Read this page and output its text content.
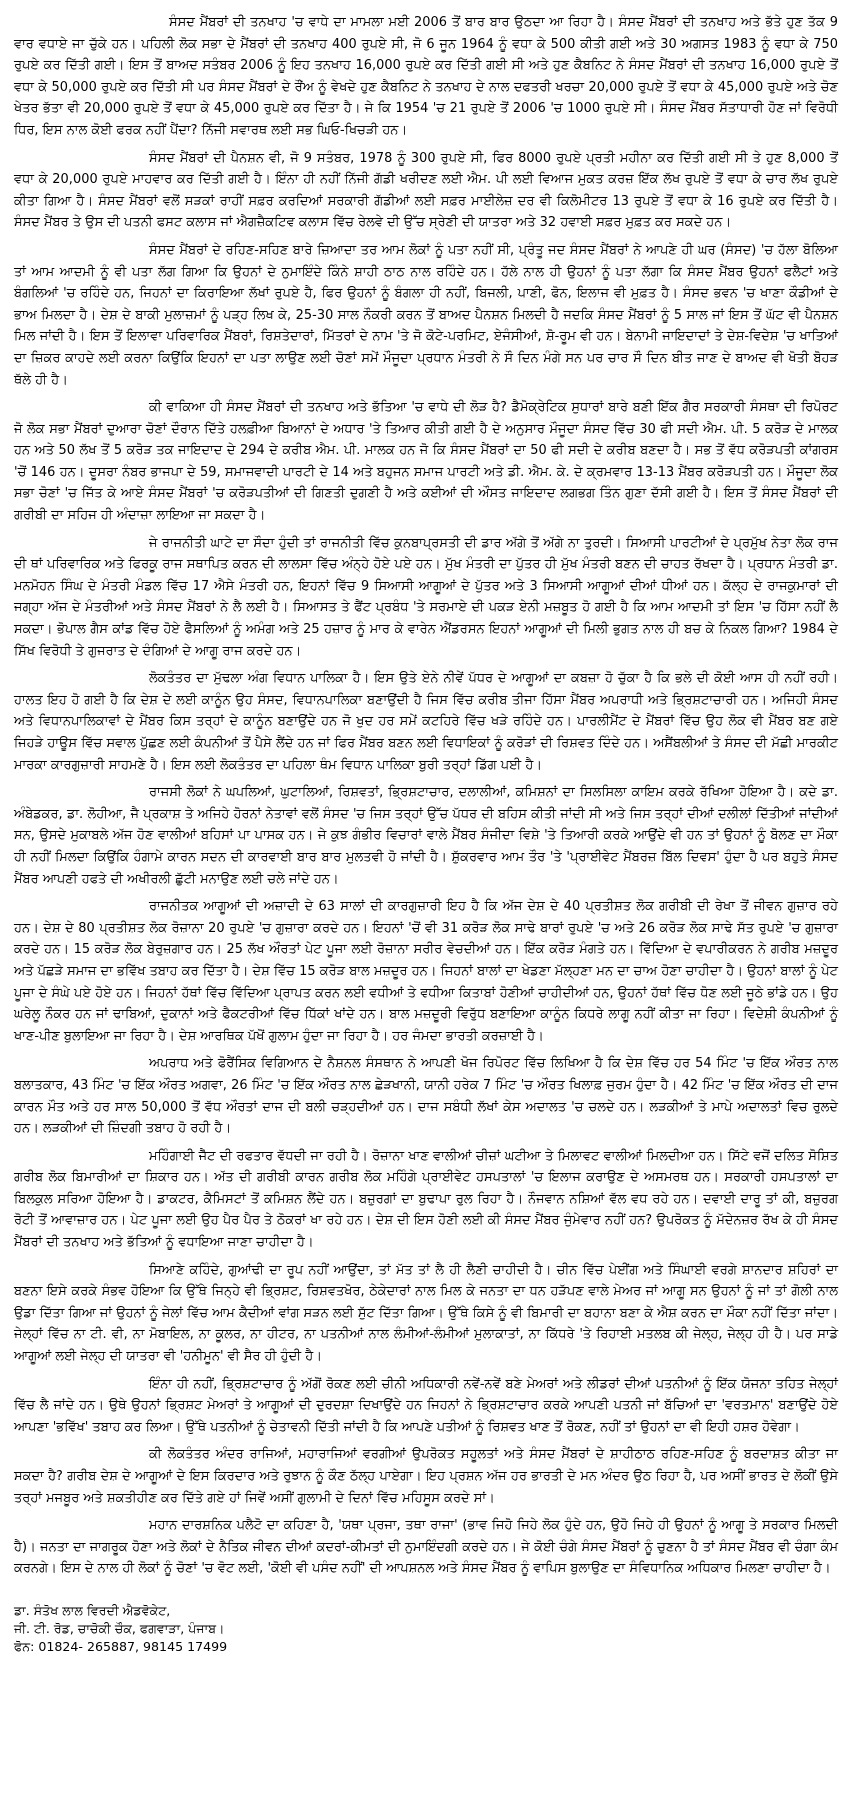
ਸੰਸਦ ਮੈਂਬਰਾਂ ਦੀ ਤਨਖਾਹ 'ਚ ਵਾਧੇ ਦਾ ਮਾਮਲਾ ਮਈ 2006 ਤੋਂ ਬਾਰ ਬਾਰ ਉਠਦਾ ਆ ਰਿਹਾ ਹੈ। ਸੰਸਦ ਮੈਂਬਰਾਂ ਦੀ ਤਨਖਾਹ ਅਤੇ ਭੱਤੇ ਹੁਣ ਤੱਕ 9 ਵਾਰ ਵਧਾਏ ਜਾ ਚੁੱਕੇ ਹਨ। ਪਹਿਲੀ ਲੋਕ ਸਭਾ ਦੇ ਮੈਂਬਰਾਂ ਦੀ ਤਨਖਾਹ 400 ਰੁਪਏ ਸੀ, ਜੋ 6 ਜੂਨ 1964 ਨੂੰ ਵਧਾ ਕੇ 500 ਕੀਤੀ ਗਈ ਅਤੇ 30 ਅਗਸਤ 1983 ਨੂੰ ਵਧਾ ਕੇ 750 ਰੁਪਏ ਕਰ ਦਿੱਤੀ ਗਈ। ਇਸ ਤੋਂ ਬਾਅਦ ਸਤੰਬਰ 2006 ਨੂੰ ਇਹ ਤਨਖਾਹ 16,000 ਰੁਪਏ ਕਰ ਦਿੱਤੀ ਗਈ ਸੀ ਅਤੇ ਹੁਣ ਕੈਬਨਿਟ ਨੇ ਸੰਸਦ ਮੈਂਬਰਾਂ ਦੀ ਤਨਖਾਹ 16,000 ਰੁਪਏ ਤੋਂ ਵਧਾ ਕੇ 50,000 ਰੁਪਏ ਕਰ ਦਿੱਤੀ ਸੀ ਪਰ ਸੰਸਦ ਮੈਂਬਰਾਂ ਦੇ ਰੌਂਅ ਨੂੰ ਵੇਖਦੇ ਹੁਣ ਕੈਬਨਿਟ ਨੇ ਤਨਖਾਹ ਦੇ ਨਾਲ ਦਫਤਰੀ ਖਰਚਾ 20,000 ਰੁਪਏ ਤੋਂ ਵਧਾ ਕੇ 45,000 ਰੁਪਏ ਅਤੇ ਚੋਣ ਖੇਤਰ ਭੱਤਾ ਵੀ 20,000 ਰੁਪਏ ਤੋਂ ਵਧਾ ਕੇ 45,000 ਰੁਪਏ ਕਰ ਦਿੱਤਾ ਹੈ। ਜੇ ਕਿ 1954 'ਚ 21 ਰੁਪਏ ਤੋਂ 2006 'ਚ 1000 ਰੁਪਏ ਸੀ। ਸੰਸਦ ਮੈਂਬਰ ਸੱਤਾਧਾਰੀ ਹੋਣ ਜਾਂ ਵਿਰੋਧੀ ਧਿਰ, ਇਸ ਨਾਲ ਕੋਈ ਫਰਕ ਨਹੀਂ ਪੈਂਦਾ? ਨਿੱਜੀ ਸਵਾਰਥ ਲਈ ਸਭ ਘਿਓ-ਖਿਚੜੀ ਹਨ।

ਸੰਸਦ ਮੈਂਬਰਾਂ ਦੀ ਪੈਨਸ਼ਨ ਵੀ, ਜੋ 9 ਸਤੰਬਰ, 1978 ਨੂੰ 300 ਰੁਪਏ ਸੀ, ਫਿਰ 8000 ਰੁਪਏ ਪ੍ਰਤੀ ਮਹੀਨਾ ਕਰ ਦਿੱਤੀ ਗਈ ਸੀ ਤੇ ਹੁਣ 8,000 ਤੋਂ ਵਧਾ ਕੇ 20,000 ਰੁਪਏ ਮਾਹਵਾਰ ਕਰ ਦਿੱਤੀ ਗਈ ਹੈ। ਇੰਨਾ ਹੀ ਨਹੀਂ ਨਿੱਜੀ ਗੱਡੀ ਖਰੀਦਣ ਲਈ ਐਮ. ਪੀ ਲਈ ਵਿਆਜ ਮੁਕਤ ਕਰਜ਼ ਇੱਕ ਲੱਖ ਰੁਪਏ ਤੋਂ ਵਧਾ ਕੇ ਚਾਰ ਲੱਖ ਰੁਪਏ ਕੀਤਾ ਗਿਆ ਹੈ। ਸੰਸਦ ਮੈਂਬਰਾਂ ਵਲੋਂ ਸੜਕਾਂ ਰਾਹੀਂ ਸਫ਼ਰ ਕਰਦਿਆਂ ਸਰਕਾਰੀ ਗੱਡੀਆਂ ਲਈ ਸਫ਼ਰ ਮਾਈਲੇਜ਼ ਦਰ ਵੀ ਕਿਲੋਮੀਟਰ 13 ਰੁਪਏ ਤੋਂ ਵਧਾ ਕੇ 16 ਰੁਪਏ ਕਰ ਦਿੱਤੀ ਹੈ। ਸੰਸਦ ਮੈਂਬਰ ਤੇ ਉਸ ਦੀ ਪਤਨੀ ਫਸਟ ਕਲਾਸ ਜਾਂ ਐਗਜ਼ੈਕਟਿਵ ਕਲਾਸ ਵਿੱਚ ਰੇਲਵੇ ਦੀ ਉੱਚ ਸ੍ਰੇਣੀ ਦੀ ਯਾਤਰਾ ਅਤੇ 32 ਹਵਾਈ ਸਫ਼ਰ ਮੁਫ਼ਤ ਕਰ ਸਕਦੇ ਹਨ।

ਸੰਸਦ ਮੈਂਬਰਾਂ ਦੇ ਰਹਿਣ-ਸਹਿਣ ਬਾਰੇ ਜ਼ਿਆਦਾ ਤਰ ਆਮ ਲੋਕਾਂ ਨੂੰ ਪਤਾ ਨਹੀਂ ਸੀ, ਪ੍ਰੰਤੂ ਜਦ ਸੰਸਦ ਮੈਂਬਰਾਂ ਨੇ ਆਪਣੇ ਹੀ ਘਰ (ਸੰਸਦ) 'ਚ ਹੱਲਾ ਬੋਲਿਆ ਤਾਂ ਆਮ ਆਦਮੀ ਨੂੰ ਵੀ ਪਤਾ ਲੱਗ ਗਿਆ ਕਿ ਉਹਨਾਂ ਦੇ ਨੁਮਾਇੰਦੇ ਕਿੰਨੇ ਸ਼ਾਹੀ ਠਾਠ ਨਾਲ ਰਹਿੰਦੇ ਹਨ। ਹੱਲੇ ਨਾਲ ਹੀ ਉਹਨਾਂ ਨੂੰ ਪਤਾ ਲੱਗਾ ਕਿ ਸੰਸਦ ਮੈਂਬਰ ਉਹਨਾਂ ਫਲੈਟਾਂ ਅਤੇ ਬੰਗਲਿਆਂ 'ਚ ਰਹਿੰਦੇ ਹਨ, ਜਿਹਨਾਂ ਦਾ ਕਿਰਾਇਆ ਲੱਖਾਂ ਰੁਪਏ ਹੈ, ਫਿਰ ਉਹਨਾਂ ਨੂੰ ਬੰਗਲਾ ਹੀ ਨਹੀਂ, ਬਿਜਲੀ, ਪਾਣੀ, ਫੋਨ, ਇਲਾਜ ਵੀ ਮੁਫ਼ਤ ਹੈ। ਸੰਸਦ ਭਵਨ 'ਚ ਖਾਣਾ ਕੌਡੀਆਂ ਦੇ ਭਾਅ ਮਿਲਦਾ ਹੈ। ਦੇਸ਼ ਦੇ ਬਾਕੀ ਮੁਲਾਜ਼ਮਾਂ ਨੂੰ ਪੜ੍ਹ ਲਿਖ ਕੇ, 25-30 ਸਾਲ ਨੌਕਰੀ ਕਰਨ ਤੋਂ ਬਾਅਦ ਪੈਨਸ਼ਨ ਮਿਲਦੀ ਹੈ ਜਦਕਿ ਸੰਸਦ ਮੈਂਬਰਾਂ ਨੂੰ 5 ਸਾਲ ਜਾਂ ਇਸ ਤੋਂ ਘੱਟ ਵੀ ਪੈਨਸ਼ਨ ਮਿਲ ਜਾਂਦੀ ਹੈ। ਇਸ ਤੋਂ ਇਲਾਵਾ ਪਰਿਵਾਰਿਕ ਮੈਂਬਰਾਂ, ਰਿਸ਼ਤੇਦਾਰਾਂ, ਮਿੱਤਰਾਂ ਦੇ ਨਾਮ 'ਤੇ ਜੋ ਕੋਟੇ-ਪਰਮਿਟ, ਏਜੰਸੀਆਂ, ਸ਼ੋ-ਰੂਮ ਵੀ ਹਨ। ਬੇਨਾਮੀ ਜਾਇਦਾਦਾਂ ਤੇ ਦੇਸ਼-ਵਿਦੇਸ਼ 'ਚ ਖਾਤਿਆਂ ਦਾ ਜ਼ਿਕਰ ਕਾਹਦੇ ਲਈ ਕਰਨਾ ਕਿਉਂਕਿ ਇਹਨਾਂ ਦਾ ਪਤਾ ਲਾਉਣ ਲਈ ਚੋਣਾਂ ਸਮੇਂ ਮੌਜੂਦਾ ਪ੍ਰਧਾਨ ਮੰਤਰੀ ਨੇ ਸੌ ਦਿਨ ਮੰਗੇ ਸਨ ਪਰ ਚਾਰ ਸੌ ਦਿਨ ਬੀਤ ਜਾਣ ਦੇ ਬਾਅਦ ਵੀ ਖੋਤੀ ਬੋਹੜ ਥੱਲੇ ਹੀ ਹੈ।

ਕੀ ਵਾਕਿਆ ਹੀ ਸੰਸਦ ਮੈਂਬਰਾਂ ਦੀ ਤਨਖਾਹ ਅਤੇ ਭੱਤਿਆ 'ਚ ਵਾਧੇ ਦੀ ਲੋੜ ਹੈ? ਡੈਮੋਕ੍ਰੇਟਿਕ ਸੁਧਾਰਾਂ ਬਾਰੇ ਬਣੀ ਇੱਕ ਗੈਰ ਸਰਕਾਰੀ ਸੰਸਥਾ ਦੀ ਰਿਪੋਰਟ ਜੋ ਲੋਕ ਸਭਾ ਮੈਂਬਰਾਂ ਦੁਆਰਾ ਚੋਣਾਂ ਦੌਰਾਨ ਦਿੱਤੇ ਹਲਫ਼ੀਆ ਬਿਆਨਾਂ ਦੇ ਅਧਾਰ 'ਤੇ ਤਿਆਰ ਕੀਤੀ ਗਈ ਹੈ ਦੇ ਅਨੁਸਾਰ ਮੌਜੂਦਾ ਸੰਸਦ ਵਿੱਚ 30 ਫੀ ਸਦੀ ਐਮ. ਪੀ. 5 ਕਰੋੜ ਦੇ ਮਾਲਕ ਹਨ ਅਤੇ 50 ਲੱਖ ਤੋਂ 5 ਕਰੋੜ ਤਕ ਜਾਇਦਾਦ ਦੇ 294 ਦੇ ਕਰੀਬ ਐਮ. ਪੀ. ਮਾਲਕ ਹਨ ਜੋ ਕਿ ਸੰਸਦ ਮੈਂਬਰਾਂ ਦਾ 50 ਫੀ ਸਦੀ ਦੇ ਕਰੀਬ ਬਣਦਾ ਹੈ। ਸਭ ਤੋਂ ਵੱਧ ਕਰੋੜਪਤੀ ਕਾਂਗਰਸ 'ਚੋਂ 146 ਹਨ। ਦੂਸਰਾ ਨੰਬਰ ਭਾਜਪਾ ਦੇ 59, ਸਮਾਜਵਾਦੀ ਪਾਰਟੀ ਦੇ 14 ਅਤੇ ਬਹੁਜਨ ਸਮਾਜ ਪਾਰਟੀ ਅਤੇ ਡੀ. ਐਮ. ਕੇ. ਦੇ ਕ੍ਰਮਵਾਰ 13-13 ਮੈਂਬਰ ਕਰੋੜਪਤੀ ਹਨ। ਮੌਜੂਦਾ ਲੋਕ ਸਭਾ ਚੋਣਾਂ 'ਚ ਜਿੱਤ ਕੇ ਆਏ ਸੰਸਦ ਮੈਂਬਰਾਂ 'ਚ ਕਰੋੜਪਤੀਆਂ ਦੀ ਗਿਣਤੀ ਦੁਗਣੀ ਹੈ ਅਤੇ ਕਈਆਂ ਦੀ ਔਸਤ ਜਾਇਦਾਦ ਲਗਭਗ ਤਿੰਨ ਗੁਣਾ ਦੱਸੀ ਗਈ ਹੈ। ਇਸ ਤੋਂ ਸੰਸਦ ਮੈਂਬਰਾਂ ਦੀ ਗਰੀਬੀ ਦਾ ਸਹਿਜ ਹੀ ਅੰਦਾਜ਼ਾ ਲਾਇਆ ਜਾ ਸਕਦਾ ਹੈ।

ਜੇ ਰਾਜਨੀਤੀ ਘਾਟੇ ਦਾ ਸੌਦਾ ਹੁੰਦੀ ਤਾਂ ਰਾਜਨੀਤੀ ਵਿੱਚ ਕੁਨਬਾਪ੍ਰਸਤੀ ਦੀ ਡਾਰ ਅੱਗੇ ਤੋਂ ਅੱਗੇ ਨਾ ਤੁਰਦੀ। ਸਿਆਸੀ ਪਾਰਟੀਆਂ ਦੇ ਪ੍ਰਮੁੱਖ ਨੇਤਾ ਲੋਕ ਰਾਜ ਦੀ ਥਾਂ ਪਰਿਵਾਰਿਕ ਅਤੇ ਫਿਰਕੂ ਰਾਜ ਸਥਾਪਿਤ ਕਰਨ ਦੀ ਲਾਲਸਾ ਵਿੱਚ ਅੰਨ੍ਹੇ ਹੋਏ ਪਏ ਹਨ। ਮੁੱਖ ਮੰਤਰੀ ਦਾ ਪੁੱਤਰ ਹੀ ਮੁੱਖ ਮੰਤਰੀ ਬਣਨ ਦੀ ਚਾਹਤ ਰੱਖਦਾ ਹੈ। ਪ੍ਰਧਾਨ ਮੰਤਰੀ ਡਾ. ਮਨਮੋਹਨ ਸਿੰਘ ਦੇ ਮੰਤਰੀ ਮੰਡਲ ਵਿੱਚ 17 ਐਸੇ ਮੰਤਰੀ ਹਨ, ਇਹਨਾਂ ਵਿੱਚ 9 ਸਿਆਸੀ ਆਗੂਆਂ ਦੇ ਪੁੱਤਰ ਅਤੇ 3 ਸਿਆਸੀ ਆਗੂਆਂ ਦੀਆਂ ਧੀਆਂ ਹਨ। ਕੱਲ੍ਹ ਦੇ ਰਾਜਕੁਮਾਰਾਂ ਦੀ ਜਗ੍ਹਾ ਅੱਜ ਦੇ ਮੰਤਰੀਆਂ ਅਤੇ ਸੰਸਦ ਮੈਂਬਰਾਂ ਨੇ ਲੈ ਲਈ ਹੈ। ਸਿਆਸਤ ਤੇ ਫੈਂਟ ਪ੍ਰਬੰਧ 'ਤੇ ਸਰਮਾਏ ਦੀ ਪਕੜ ਏਨੀ ਮਜ਼ਬੂਤ ਹੋ ਗਈ ਹੈ ਕਿ ਆਮ ਆਦਮੀ ਤਾਂ ਇਸ 'ਚ ਹਿੱਸਾ ਨਹੀਂ ਲੈ ਸਕਦਾ। ਭੋਪਾਲ ਗੈਸ ਕਾਂਡ ਵਿੱਚ ਹੋਏ ਫੈਸਲਿਆਂ ਨੂੰ ਅਮੰਗ ਅਤੇ 25 ਹਜ਼ਾਰ ਨੂੰ ਮਾਰ ਕੇ ਵਾਰੇਨ ਐਂਡਰਸਨ ਇਹਨਾਂ ਆਗੂਆਂ ਦੀ ਮਿਲੀ ਭੁਗਤ ਨਾਲ ਹੀ ਬਚ ਕੇ ਨਿਕਲ ਗਿਆ? 1984 ਦੇ ਸਿੱਖ ਵਿਰੋਧੀ ਤੇ ਗੁਜਰਾਤ ਦੇ ਦੰਗਿਆਂ ਦੇ ਆਗੂ ਰਾਜ ਕਰਦੇ ਹਨ।

ਲੋਕਤੰਤਰ ਦਾ ਮੁੱਢਲਾ ਅੰਗ ਵਿਧਾਨ ਪਾਲਿਕਾ ਹੈ। ਇਸ ਉਤੇ ਏਨੇ ਨੀਵੇਂ ਪੱਧਰ ਦੇ ਆਗੂਆਂ ਦਾ ਕਬਜ਼ਾ ਹੋ ਚੁੱਕਾ ਹੈ ਕਿ ਭਲੇ ਦੀ ਕੋਈ ਆਸ ਹੀ ਨਹੀਂ ਰਹੀ। ਹਾਲਤ ਇਹ ਹੋ ਗਈ ਹੈ ਕਿ ਦੇਸ਼ ਦੇ ਲਈ ਕਾਨੂੰਨ ਉਹ ਸੰਸਦ, ਵਿਧਾਨਪਾਲਿਕਾ ਬਣਾਉਂਦੀ ਹੈ ਜਿਸ ਵਿੱਚ ਕਰੀਬ ਤੀਜਾ ਹਿੱਸਾ ਮੈਂਬਰ ਅਪਰਾਧੀ ਅਤੇ ਭ੍ਰਿਸ਼ਟਾਚਾਰੀ ਹਨ। ਅਜਿਹੀ ਸੰਸਦ ਅਤੇ ਵਿਧਾਨਪਾਲਿਕਾਵਾਂ ਦੇ ਮੈਂਬਰ ਕਿਸ ਤਰ੍ਹਾਂ ਦੇ ਕਾਨੂੰਨ ਬਣਾਉਂਦੇ ਹਨ ਜੋ ਖੁਦ ਹਰ ਸਮੇਂ ਕਟਹਿਰੇ ਵਿੱਚ ਖੜੇ ਰਹਿੰਦੇ ਹਨ। ਪਾਰਲੀਮੈਂਟ ਦੇ ਮੈਂਬਰਾਂ ਵਿੱਚ ਉਹ ਲੋਕ ਵੀ ਮੈਂਬਰ ਬਣ ਗਏ ਜਿਹੜੇ ਹਾਊਸ ਵਿੱਚ ਸਵਾਲ ਪੁੱਛਣ ਲਈ ਕੰਪਨੀਆਂ ਤੋਂ ਪੈਸੇ ਲੈਂਦੇ ਹਨ ਜਾਂ ਫਿਰ ਮੈਂਬਰ ਬਣਨ ਲਈ ਵਿਧਾਇਕਾਂ ਨੂੰ ਕਰੋੜਾਂ ਦੀ ਰਿਸ਼ਵਤ ਦਿੰਦੇ ਹਨ। ਅਸੈਂਬਲੀਆਂ ਤੇ ਸੰਸਦ ਦੀ ਮੱਛੀ ਮਾਰਕੀਟ ਮਾਰਕਾ ਕਾਰਗੁਜ਼ਾਰੀ ਸਾਹਮਣੇ ਹੈ। ਇਸ ਲਈ ਲੋਕਤੰਤਰ ਦਾ ਪਹਿਲਾ ਥੰਮ ਵਿਧਾਨ ਪਾਲਿਕਾ ਬੁਰੀ ਤਰ੍ਹਾਂ ਡਿੱਗ ਪਈ ਹੈ।

ਰਾਜਸੀ ਲੋਕਾਂ ਨੇ ਘਪਲਿਆਂ, ਘੁਟਾਲਿਆਂ, ਰਿਸ਼ਵਤਾਂ, ਭ੍ਰਿਸ਼ਟਾਚਾਰ, ਦਲਾਲੀਆਂ, ਕਮਿਸ਼ਨਾਂ ਦਾ ਸਿਲਸਿਲਾ ਕਾਇਮ ਕਰਕੇ ਰੱਖਿਆ ਹੋਇਆ ਹੈ। ਕਦੇ ਡਾ. ਅੰਬੇਡਕਰ, ਡਾ. ਲੋਹੀਆ, ਜੈ ਪ੍ਰਕਾਸ਼ ਤੇ ਅਜਿਹੇ ਹੋਰਨਾਂ ਨੇਤਾਵਾਂ ਵਲੋਂ ਸੰਸਦ 'ਚ ਜਿਸ ਤਰ੍ਹਾਂ ਉੱਚ ਪੱਧਰ ਦੀ ਬਹਿਸ ਕੀਤੀ ਜਾਂਦੀ ਸੀ ਅਤੇ ਜਿਸ ਤਰ੍ਹਾਂ ਦੀਆਂ ਦਲੀਲਾਂ ਦਿੱਤੀਆਂ ਜਾਂਦੀਆਂ ਸਨ, ਉਸਦੇ ਮੁਕਾਬਲੇ ਅੱਜ ਹੋਣ ਵਾਲੀਆਂ ਬਹਿਸਾਂ ਪਾ ਪਾਸਕ ਹਨ। ਜੇ ਕੁਝ ਗੰਭੀਰ ਵਿਚਾਰਾਂ ਵਾਲੇ ਮੈਂਬਰ ਸੰਜੀਦਾ ਵਿਸ਼ੇ 'ਤੇ ਤਿਆਰੀ ਕਰਕੇ ਆਉਂਦੇ ਵੀ ਹਨ ਤਾਂ ਉਹਨਾਂ ਨੂੰ ਬੋਲਣ ਦਾ ਮੌਕਾ ਹੀ ਨਹੀਂ ਮਿਲਦਾ ਕਿਉਂਕਿ ਹੰਗਾਮੇ ਕਾਰਨ ਸਦਨ ਦੀ ਕਾਰਵਾਈ ਬਾਰ ਬਾਰ ਮੁਲਤਵੀ ਹੋ ਜਾਂਦੀ ਹੈ। ਸ਼ੁੱਕਰਵਾਰ ਆਮ ਤੌਰ 'ਤੇ 'ਪ੍ਰਾਈਵੇਟ ਮੈਂਬਰਜ਼ ਬਿੱਲ ਦਿਵਸ' ਹੁੰਦਾ ਹੈ ਪਰ ਬਹੁਤੇ ਸੰਸਦ ਮੈਂਬਰ ਆਪਣੀ ਹਫਤੇ ਦੀ ਅਖੀਰਲੀ ਛੁੱਟੀ ਮਨਾਉਣ ਲਈ ਚਲੇ ਜਾਂਦੇ ਹਨ।

ਰਾਜਨੀਤਕ ਆਗੂਆਂ ਦੀ ਅਜ਼ਾਦੀ ਦੇ 63 ਸਾਲਾਂ ਦੀ ਕਾਰਗੁਜ਼ਾਰੀ ਇਹ ਹੈ ਕਿ ਅੱਜ ਦੇਸ਼ ਦੇ 40 ਪ੍ਰਤੀਸ਼ਤ ਲੋਕ ਗਰੀਬੀ ਦੀ ਰੇਖਾ ਤੋਂ ਜੀਵਨ ਗੁਜ਼ਾਰ ਰਹੇ ਹਨ। ਦੇਸ਼ ਦੇ 80 ਪ੍ਰਤੀਸ਼ਤ ਲੋਕ ਰੋਜ਼ਾਨਾ 20 ਰੁਪਏ 'ਚ ਗੁਜ਼ਾਰਾ ਕਰਦੇ ਹਨ। ਇਹਨਾਂ 'ਚੋਂ ਵੀ 31 ਕਰੋੜ ਲੋਕ ਸਾਢੇ ਬਾਰਾਂ ਰੁਪਏ 'ਚ ਅਤੇ 26 ਕਰੋੜ ਲੋਕ ਸਾਢੇ ਸੱਤ ਰੁਪਏ 'ਚ ਗੁਜ਼ਾਰਾ ਕਰਦੇ ਹਨ। 15 ਕਰੋੜ ਲੋਕ ਬੇਰੁਜ਼ਗਾਰ ਹਨ। 25 ਲੱਖ ਔਰਤਾਂ ਪੇਟ ਪੂਜਾ ਲਈ ਰੋਜ਼ਾਨਾ ਸਰੀਰ ਵੇਚਦੀਆਂ ਹਨ। ਇੱਕ ਕਰੋੜ ਮੰਗਤੇ ਹਨ। ਵਿੱਦਿਆ ਦੇ ਵਪਾਰੀਕਰਨ ਨੇ ਗਰੀਬ ਮਜ਼ਦੂਰ ਅਤੇ ਪੱਛੜੇ ਸਮਾਜ ਦਾ ਭਵਿੱਖ ਤਬਾਹ ਕਰ ਦਿੱਤਾ ਹੈ। ਦੇਸ਼ ਵਿੱਚ 15 ਕਰੋੜ ਬਾਲ ਮਜ਼ਦੂਰ ਹਨ। ਜਿਹਨਾਂ ਬਾਲਾਂ ਦਾ ਖੇਡਣਾ ਮੱਲ੍ਹਣਾ ਮਨ ਦਾ ਚਾਅ ਹੋਣਾ ਚਾਹੀਦਾ ਹੈ। ਉਹਨਾਂ ਬਾਲਾਂ ਨੂੰ ਪੇਟ ਪੂਜਾ ਦੇ ਸੰਘੇ ਪਏ ਹੋਏ ਹਨ। ਜਿਹਨਾਂ ਹੱਥਾਂ ਵਿੱਚ ਵਿੱਦਿਆ ਪ੍ਰਾਪਤ ਕਰਨ ਲਈ ਵਧੀਆਂ ਤੇ ਵਧੀਆ ਕਿਤਾਬਾਂ ਹੋਣੀਆਂ ਚਾਹੀਦੀਆਂ ਹਨ, ਉਹਨਾਂ ਹੱਥਾਂ ਵਿੱਚ ਧੋਣ ਲਈ ਜੂਠੇ ਭਾਂਡੇ ਹਨ। ਉਹ ਘਰੇਲੂ ਨੌਕਰ ਹਨ ਜਾਂ ਢਾਬਿਆਂ, ਦੁਕਾਨਾਂ ਅਤੇ ਫੈਕਟਰੀਆਂ ਵਿੱਚ ਧਿੱਕਾਂ ਖਾਂਦੇ ਹਨ। ਬਾਲ ਮਜ਼ਦੂਰੀ ਵਿਰੁੱਧ ਬਣਾਇਆ ਕਾਨੂੰਨ ਕਿਧਰੇ ਲਾਗੂ ਨਹੀਂ ਕੀਤਾ ਜਾ ਰਿਹਾ। ਵਿਦੇਸ਼ੀ ਕੰਪਨੀਆਂ ਨੂੰ ਖਾਣ-ਪੀਣ ਬੁਲਾਇਆ ਜਾ ਰਿਹਾ ਹੈ। ਦੇਸ਼ ਆਰਥਿਕ ਪੱਖੋਂ ਗੁਲਾਮ ਹੁੰਦਾ ਜਾ ਰਿਹਾ ਹੈ। ਹਰ ਜੰਮਦਾ ਭਾਰਤੀ ਕਰਜ਼ਾਈ ਹੈ।

ਅਪਰਾਧ ਅਤੇ ਫੋਰੈਂਸਿਕ ਵਿਗਿਆਨ ਦੇ ਨੈਸ਼ਨਲ ਸੰਸਥਾਨ ਨੇ ਆਪਣੀ ਖੋਜ ਰਿਪੋਰਟ ਵਿੱਚ ਲਿਖਿਆ ਹੈ ਕਿ ਦੇਸ਼ ਵਿੱਚ ਹਰ 54 ਮਿੰਟ 'ਚ ਇੱਕ ਔਰਤ ਨਾਲ ਬਲਾਤਕਾਰ, 43 ਮਿੰਟ 'ਚ ਇੱਕ ਔਰਤ ਅਗਵਾ, 26 ਮਿੰਟ 'ਚ ਇੱਕ ਔਰਤ ਨਾਲ ਛੇੜਖਾਨੀ, ਯਾਨੀ ਹਰੇਕ 7 ਮਿੰਟ 'ਚ ਔਰਤ ਖਿਲਾਫ਼ ਜੁਰਮ ਹੁੰਦਾ ਹੈ। 42 ਮਿੰਟ 'ਚ ਇੱਕ ਔਰਤ ਦੀ ਦਾਜ ਕਾਰਨ ਮੌਤ ਅਤੇ ਹਰ ਸਾਲ 50,000 ਤੋਂ ਵੱਧ ਔਰਤਾਂ ਦਾਜ ਦੀ ਬਲੀ ਚੜ੍ਹਦੀਆਂ ਹਨ। ਦਾਜ ਸਬੰਧੀ ਲੱਖਾਂ ਕੇਸ ਅਦਾਲਤ 'ਚ ਚਲਦੇ ਹਨ। ਲੜਕੀਆਂ ਤੇ ਮਾਪੇ ਅਦਾਲਤਾਂ ਵਿਚ ਰੁਲਦੇ ਹਨ। ਲੜਕੀਆਂ ਦੀ ਜ਼ਿੰਦਗੀ ਤਬਾਹ ਹੋ ਰਹੀ ਹੈ।

ਮਹਿੰਗਾਈ ਜੈੱਟ ਦੀ ਰਫਤਾਰ ਵੱਧਦੀ ਜਾ ਰਹੀ ਹੈ। ਰੋਜ਼ਾਨਾ ਖਾਣ ਵਾਲੀਆਂ ਚੀਜ਼ਾਂ ਘਟੀਆ ਤੇ ਮਿਲਾਵਟ ਵਾਲੀਆਂ ਮਿਲਦੀਆ ਹਨ। ਸਿੱਟੇ ਵਜੋਂ ਦਲਿਤ ਸੋਸ਼ਿਤ ਗਰੀਬ ਲੋਕ ਬਿਮਾਰੀਆਂ ਦਾ ਸ਼ਿਕਾਰ ਹਨ। ਅੱਤ ਦੀ ਗਰੀਬੀ ਕਾਰਨ ਗਰੀਬ ਲੋਕ ਮਹਿੰਗੇ ਪ੍ਰਾਈਵੇਟ ਹਸਪਤਾਲਾਂ 'ਚ ਇਲਾਜ ਕਰਾਉਣ ਦੇ ਅਸਮਰਥ ਹਨ। ਸਰਕਾਰੀ ਹਸਪਤਾਲਾਂ ਦਾ ਬਿਲਕੁਲ ਸਰਿਆ ਹੋਇਆ ਹੈ। ਡਾਕਟਰ, ਕੈਮਿਸਟਾਂ ਤੋਂ ਕਮਿਸ਼ਨ ਲੈਂਦੇ ਹਨ। ਬਜ਼ੁਰਗਾਂ ਦਾ ਬੁਢਾਪਾ ਰੁਲ ਰਿਹਾ ਹੈ। ਨੌਜਵਾਨ ਨਸ਼ਿਆਂ ਵੱਲ ਵਧ ਰਹੇ ਹਨ। ਦਵਾਈ ਦਾਰੂ ਤਾਂ ਕੀ, ਬਜ਼ੁਰਗ ਰੋਟੀ ਤੋਂ ਆਵਾਜ਼ਾਰ ਹਨ। ਪੇਟ ਪੂਜਾ ਲਈ ਉਹ ਪੈਰ ਪੈਰ ਤੇ ਠੋਕਰਾਂ ਖਾ ਰਹੇ ਹਨ। ਦੇਸ਼ ਦੀ ਇਸ ਹੋਣੀ ਲਈ ਕੀ ਸੰਸਦ ਮੈਂਬਰ ਜੁੰਮੇਵਾਰ ਨਹੀਂ ਹਨ? ਉਪਰੋਕਤ ਨੂੰ ਮੱਦੇਨਜ਼ਰ ਰੱਖ ਕੇ ਹੀ ਸੰਸਦ ਮੈਂਬਰਾਂ ਦੀ ਤਨਖਾਹ ਅਤੇ ਭੱਤਿਆਂ ਨੂੰ ਵਧਾਇਆ ਜਾਣਾ ਚਾਹੀਦਾ ਹੈ।

ਸਿਆਣੇ ਕਹਿੰਦੇ, ਗੁਆਂਢੀ ਦਾ ਰੂਪ ਨਹੀਂ ਆਉਂਦਾ, ਤਾਂ ਮੱਤ ਤਾਂ ਲੈ ਹੀ ਲੈਣੀ ਚਾਹੀਦੀ ਹੈ। ਚੀਨ ਵਿੱਚ ਪੇਈਂਗ ਅਤੇ ਸਿੰਘਾਈ ਵਰਗੇ ਸ਼ਾਨਦਾਰ ਸ਼ਹਿਰਾਂ ਦਾ ਬਣਨਾ ਇਸੇ ਕਰਕੇ ਸੰਭਵ ਹੋਇਆ ਕਿ ਉੱਥੇ ਜਿਨ੍ਹੇ ਵੀ ਭ੍ਰਿਸ਼ਟ, ਰਿਸ਼ਵਤਖੋਰ, ਠੇਕੇਦਾਰਾਂ ਨਾਲ ਮਿਲ ਕੇ ਜਨਤਾ ਦਾ ਧਨ ਹੜੱਪਣ ਵਾਲੇ ਮੇਅਰ ਜਾਂ ਆਗੂ ਸਨ ਉਹਨਾਂ ਨੂੰ ਜਾਂ ਤਾਂ ਗੋਲੀ ਨਾਲ ਉਡਾ ਦਿੱਤਾ ਗਿਆ ਜਾਂ ਉਹਨਾਂ ਨੂੰ ਜੇਲਾਂ ਵਿੱਚ ਆਮ ਕੈਦੀਆਂ ਵਾਂਗ ਸੜਨ ਲਈ ਸੁੱਟ ਦਿੱਤਾ ਗਿਆ। ਉੱਥੇ ਕਿਸੇ ਨੂੰ ਵੀ ਬਿਮਾਰੀ ਦਾ ਬਹਾਨਾ ਬਣਾ ਕੇ ਐਸ਼ ਕਰਨ ਦਾ ਮੌਕਾ ਨਹੀਂ ਦਿੱਤਾ ਜਾਂਦਾ। ਜੇਲ੍ਹਾਂ ਵਿੱਚ ਨਾ ਟੀ. ਵੀ, ਨਾ ਮੋਬਾਇਲ, ਨਾ ਕੂਲਰ, ਨਾ ਹੀਟਰ, ਨਾ ਪਤਨੀਆਂ ਨਾਲ ਲੰਮੀਆਂ-ਲੰਮੀਆਂ ਮੁਲਾਕਾਤਾਂ, ਨਾ ਕਿੱਧਰੇ 'ਤੇ ਰਿਹਾਈ ਮਤਲਬ ਕੀ ਜੇਲ੍ਹ, ਜੇਲ੍ਹ ਹੀ ਹੈ। ਪਰ ਸਾਡੇ ਆਗੂਆਂ ਲਈ ਜੇਲ੍ਹ ਦੀ ਯਾਤਰਾ ਵੀ 'ਹਨੀਮੂਨ' ਵੀ ਸੈਰ ਹੀ ਹੁੰਦੀ ਹੈ।

ਇੰਨਾ ਹੀ ਨਹੀਂ, ਭ੍ਰਿਸ਼ਟਾਚਾਰ ਨੂੰ ਅੱਗੋਂ ਰੋਕਣ ਲਈ ਚੀਨੀ ਅਧਿਕਾਰੀ ਨਵੇਂ-ਨਵੇਂ ਬਣੇ ਮੇਅਰਾਂ ਅਤੇ ਲੀਡਰਾਂ ਦੀਆਂ ਪਤਨੀਆਂ ਨੂੰ ਇੱਕ ਯੋਜਨਾ ਤਹਿਤ ਜੇਲ੍ਹਾਂ ਵਿੱਚ ਲੈ ਜਾਂਦੇ ਹਨ। ਉਥੇ ਉਹਨਾਂ ਭ੍ਰਿਸ਼ਟ ਮੇਅਰਾਂ ਤੇ ਆਗੂਆਂ ਦੀ ਦੁਰਦਸ਼ਾ ਦਿਖਾਉਂਦੇ ਹਨ ਜਿਹਨਾਂ ਨੇ ਭ੍ਰਿਸ਼ਟਾਚਾਰ ਕਰਕੇ ਆਪਣੀ ਪਤਨੀ ਜਾਂ ਬੱਚਿਆਂ ਦਾ 'ਵਰਤਮਾਨ' ਬਣਾਉਂਦੇ ਹੋਏ ਆਪਣਾ 'ਭਵਿੱਖ' ਤਬਾਹ ਕਰ ਲਿਆ। ਉੱਥੇ ਪਤਨੀਆਂ ਨੂੰ ਚੇਤਾਵਨੀ ਦਿੱਤੀ ਜਾਂਦੀ ਹੈ ਕਿ ਆਪਣੇ ਪਤੀਆਂ ਨੂੰ ਰਿਸ਼ਵਤ ਖਾਣ ਤੋਂ ਰੋਕਣ, ਨਹੀਂ ਤਾਂ ਉਹਨਾਂ ਦਾ ਵੀ ਇਹੀ ਹਸ਼ਰ ਹੋਵੇਗਾ।

ਕੀ ਲੋਕਤੰਤਰ ਅੰਦਰ ਰਾਜਿਆਂ, ਮਹਾਰਾਜਿਆਂ ਵਰਗੀਆਂ ਉਪਰੋਕਤ ਸਹੂਲਤਾਂ ਅਤੇ ਸੰਸਦ ਮੈਂਬਰਾਂ ਦੇ ਸ਼ਾਹੀਠਾਠ ਰਹਿਣ-ਸਹਿਣ ਨੂੰ ਬਰਦਾਸ਼ਤ ਕੀਤਾ ਜਾ ਸਕਦਾ ਹੈ? ਗਰੀਬ ਦੇਸ਼ ਦੇ ਆਗੂਆਂ ਦੇ ਇਸ ਕਿਰਦਾਰ ਅਤੇ ਰੁਝਾਨ ਨੂੰ ਕੌਣ ਠੱਲ੍ਹ ਪਾਏਗਾ। ਇਹ ਪ੍ਰਸ਼ਨ ਅੱਜ ਹਰ ਭਾਰਤੀ ਦੇ ਮਨ ਅੰਦਰ ਉਠ ਰਿਹਾ ਹੈ, ਪਰ ਅਸੀਂ ਭਾਰਤ ਦੇ ਲੋਕੀਂ ਉਸੇ ਤਰ੍ਹਾਂ ਮਜਬੂਰ ਅਤੇ ਸ਼ਕਤੀਹੀਣ ਕਰ ਦਿੱਤੇ ਗਏ ਹਾਂ ਜਿਵੇਂ ਅਸੀਂ ਗੁਲਾਮੀ ਦੇ ਦਿਨਾਂ ਵਿੱਚ ਮਹਿਸੂਸ ਕਰਦੇ ਸਾਂ।

ਮਹਾਨ ਦਾਰਸ਼ਨਿਕ ਪਲੈਟੋ ਦਾ ਕਹਿਣਾ ਹੈ, 'ਯਥਾ ਪ੍ਰਜਾ, ਤਥਾ ਰਾਜਾ' (ਭਾਵ ਜਿਹੋ ਜਿਹੇ ਲੋਕ ਹੁੰਦੇ ਹਨ, ਉਹੋ ਜਿਹੇ ਹੀ ਉਹਨਾਂ ਨੂੰ ਆਗੂ ਤੇ ਸਰਕਾਰ ਮਿਲਦੀ ਹੈ)। ਜਨਤਾ ਦਾ ਜਾਗਰੂਕ ਹੋਣਾ ਅਤੇ ਲੋਕਾਂ ਦੇ ਨੈਤਿਕ ਜੀਵਨ ਦੀਆਂ ਕਦਰਾਂ-ਕੀਮਤਾਂ ਦੀ ਨੁਮਾਇੰਦਗੀ ਕਰਦੇ ਹਨ। ਜੇ ਕੋਈ ਚੰਗੇ ਸੰਸਦ ਮੈਂਬਰਾਂ ਨੂੰ ਚੁਣਨਾ ਹੈ ਤਾਂ ਸੰਸਦ ਮੈਂਬਰ ਵੀ ਚੰਗਾ ਕੰਮ ਕਰਨਗੇ। ਇਸ ਦੇ ਨਾਲ ਹੀ ਲੋਕਾਂ ਨੂੰ ਚੋਣਾਂ 'ਚ ਵੋਟ ਲਈ, 'ਕੋਈ ਵੀ ਪਸੰਦ ਨਹੀਂ' ਦੀ ਆਪਸ਼ਨਲ ਅਤੇ ਸੰਸਦ ਮੈਂਬਰ ਨੂੰ ਵਾਪਿਸ ਬੁਲਾਉਣ ਦਾ ਸੰਵਿਧਾਨਿਕ ਅਧਿਕਾਰ ਮਿਲਣਾ ਚਾਹੀਦਾ ਹੈ।

ਡਾ. ਸੰਤੋਖ ਲਾਲ ਵਿਰਦੀ ਐਡਵੋਕੇਟ,
ਜੀ. ਟੀ. ਰੋਡ, ਚਾਚੋਕੀ ਚੌਕ, ਫਗਵਾੜਾ, ਪੰਜਾਬ।
ਫੋਨ: 01824- 265887, 98145 17499
